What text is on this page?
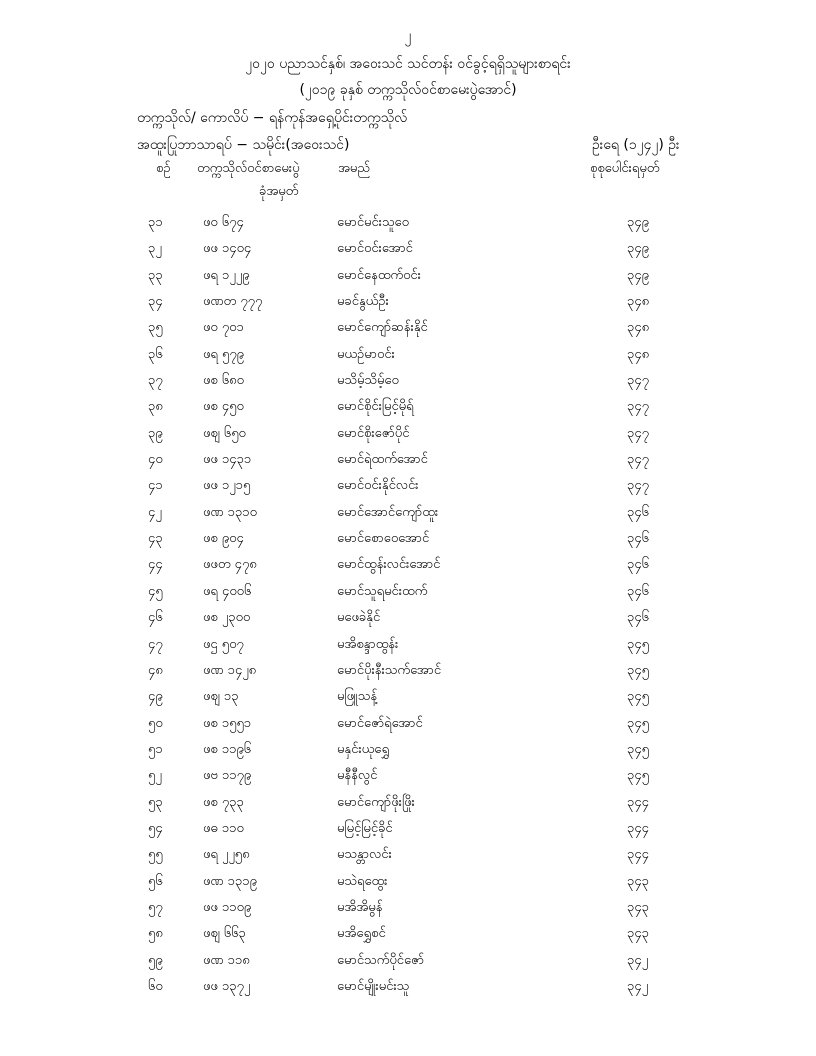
၂
၂၀၂၀ ပညာသင်နှစ်၊ အဝေးသင် သင်တန်း ဝင်ခွင့်ရရှိသူများစာရင်း
(၂၀၁၉ ခုနှစ် တက္ကသိုလ်ဝင်စာမေးပွဲအောင်)
တက္ကသိုလ်/ ကောလိပ် − ရန်ကုန်အရှေ့ပိုင်းတက္ကသိုလ်
အထူးပြုဘာသာရပ် − သမိုင်း(အဝေးသင်)	ဦးရေ (၁၂၄၂) ဦး
စဉ် တက္ကသိုလ်ဝင်စာမေးပွဲ
ခုံအမှတ်
အမည်	စုစုပေါင်းရမှတ်
၃၁	ဖဝ ၆၇၄	မောင်မင်းသူဝေ	၃၄၉
၃၂	ဖဖ ၁၄၀၄	မောင်ဝင်းအောင်	၃၄၉
၃၃	ဖရ ၁၂၂၉	မောင်နေထက်ဝင်း	၃၄၉
၃၄	ဖဏတ ၇၇၇	မခင်နွယ်ဦး	၃၄၈
၃၅	ဖဝ ၇၀၁	မောင်ကျော်ဆန်းနိုင်	၃၄၈
၃၆	ဖရ ၅၇၉	မယဉ်မာဝင်း	၃၄၈
၃၇	ဖစ ၆၈၀	မသိမ့်သိမ့်ဝေ	၃၄၇
၃၈	ဖစ ၄၅၀	မောင်စိုင်းမြင့်မိုရ်	၃၄၇
၃၉	ဖစျ ၆၅၀	မောင်စိုးဇော်ပိုင်	၃၄၇
၄၀	ဖဖ ၁၄၃၁	မောင်ရဲထက်အောင်	၃၄၇
၄၁	ဖဖ ၁၂၁၅	မောင်ဝင်းနိုင်လင်း	၃၄၇
၄၂	ဖဏ ၁၃၁၀	မောင်အောင်ကျော်ထူး	၃၄၆
၄၃	ဖစ ၉၀၄	မောင်စောဝေအောင်	၃၄၆
၄၄	ဖဖတ ၄၇၈	မောင်ထွန်းလင်းအောင်	၃၄၆
၄၅	ဖရ ၄၀၀၆	မောင်သူရမင်းထက်	၃၄၆
၄၆	ဖစ ၂၃၀၀	မဖေခဲနိုင်	၃၄၆
၄၇	ဖဌ ၅၀၇	မအိစန္ဒာထွန်း	၃၄၅
၄၈	ဖဏ ၁၄၂၈	မောင်ပိုးနီးသက်အောင်	၃၄၅
၄၉	ဖစျ ၁၃	မဖြူသန့်	၃၄၅
၅၀	ဖစ ၁၅၅၁	မောင်ဇော်ရဲအောင်	၃၄၅
၅၁	ဖစ ၁၁၉၆	မနှင်းယုရွှေ	၃၄၅
၅၂	ဖဗ ၁၁၇၉	မနီနီလွင်	၃၄၅
၅၃	ဖစ ၇၃၃	မောင်ကျော်ဖိုးဖြိုး	၃၄၄
၅၄	ဖဓ ၁၁၀	မမြင့်မြင့်ခိုင်	၃၄၄
၅၅	ဖရ ၂၂၅၈	မသန္တာလင်း	၃၄၄
၅၆	ဖဏ ၁၃၁၉	မသဲရထွေး	၃၄၃
၅၇	ဖဖ ၁၁၀၉	မအိအိမွန်	၃၄၃
၅၈	ဖစျ ၆၆၃	မအိရွှေစင်	၃၄၃
၅၉	ဖဏ ၁၁၈	မောင်သက်ပိုင်ဇော်	၃၄၂
၆၀	ဖဖ ၁၃၇၂	မောင်မျိုးမင်းသူ	၃၄၂
